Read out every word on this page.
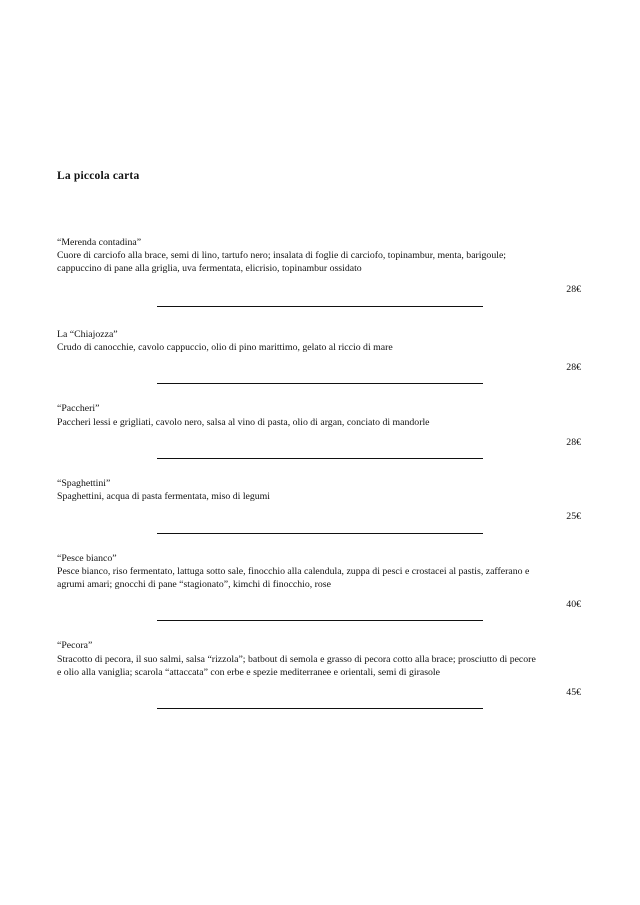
La piccola carta
“Merenda contadina”
Cuore di carciofo alla brace, semi di lino, tartufo nero; insalata di foglie di carciofo, topinambur, menta, barigoule; cappuccino di pane alla griglia, uva fermentata, elicrisio, topinambur ossidato
28€
La “Chiajozza”
Crudo di canocchie, cavolo cappuccio, olio di pino marittimo, gelato al riccio di mare
28€
“Paccheri”
Paccheri lessi e grigliati, cavolo nero, salsa al vino di pasta, olio di argan, conciato di mandorle
28€
“Spaghettini”
Spaghettini, acqua di pasta fermentata, miso di legumi
25€
“Pesce bianco”
Pesce bianco, riso fermentato, lattuga sotto sale, finocchio alla calendula, zuppa di pesci e crostacei al pastis, zafferano e agrumi amari; gnocchi di pane “stagionato”, kimchi di finocchio, rose
40€
“Pecora”
Stracotto di pecora, il suo salmi, salsa “rizzola”; batbout di semola e grasso di pecora cotto alla brace; prosciutto di pecore e olio alla vaniglia; scarola “attaccata” con erbe e spezie mediterranee e orientali, semi di girasole
45€
